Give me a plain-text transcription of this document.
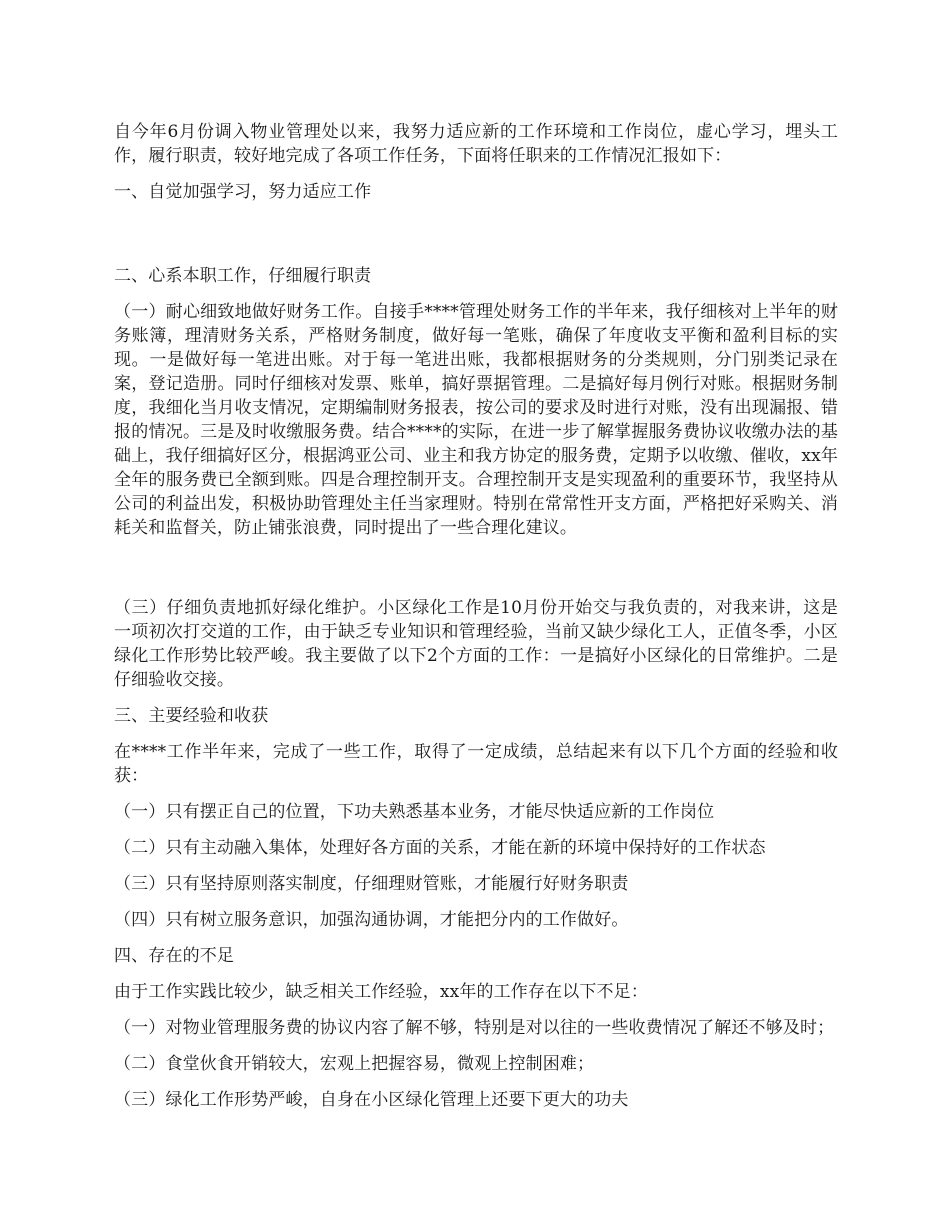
自今年6月份调入物业管理处以来，我努力适应新的工作环境和工作岗位，虚心学习，埋头工作，履行职责，较好地完成了各项工作任务，下面将任职来的工作情况汇报如下：

一、自觉加强学习，努力适应工作

二、心系本职工作，仔细履行职责

（一）耐心细致地做好财务工作。自接手****管理处财务工作的半年来，我仔细核对上半年的财务账簿，理清财务关系，严格财务制度，做好每一笔账，确保了年度收支平衡和盈利目标的实现。一是做好每一笔进出账。对于每一笔进出账，我都根据财务的分类规则，分门别类记录在案，登记造册。同时仔细核对发票、账单，搞好票据管理。二是搞好每月例行对账。根据财务制度，我细化当月收支情况，定期编制财务报表，按公司的要求及时进行对账，没有出现漏报、错报的情况。三是及时收缴服务费。结合****的实际，在进一步了解掌握服务费协议收缴办法的基础上，我仔细搞好区分，根据鸿亚公司、业主和我方协定的服务费，定期予以收缴、催收，xx年全年的服务费已全额到账。四是合理控制开支。合理控制开支是实现盈利的重要环节，我坚持从公司的利益出发，积极协助管理处主任当家理财。特别在常常性开支方面，严格把好采购关、消耗关和监督关，防止铺张浪费，同时提出了一些合理化建议。

（三）仔细负责地抓好绿化维护。小区绿化工作是10月份开始交与我负责的，对我来讲，这是一项初次打交道的工作，由于缺乏专业知识和管理经验，当前又缺少绿化工人，正值冬季，小区绿化工作形势比较严峻。我主要做了以下2个方面的工作：一是搞好小区绿化的日常维护。二是仔细验收交接。

三、主要经验和收获

在****工作半年来，完成了一些工作，取得了一定成绩，总结起来有以下几个方面的经验和收获：

（一）只有摆正自己的位置，下功夫熟悉基本业务，才能尽快适应新的工作岗位

（二）只有主动融入集体，处理好各方面的关系，才能在新的环境中保持好的工作状态

（三）只有坚持原则落实制度，仔细理财管账，才能履行好财务职责

（四）只有树立服务意识，加强沟通协调，才能把分内的工作做好。

四、存在的不足

由于工作实践比较少，缺乏相关工作经验，xx年的工作存在以下不足：

（一）对物业管理服务费的协议内容了解不够，特别是对以往的一些收费情况了解还不够及时；

（二）食堂伙食开销较大，宏观上把握容易，微观上控制困难；

（三）绿化工作形势严峻，自身在小区绿化管理上还要下更大的功夫
